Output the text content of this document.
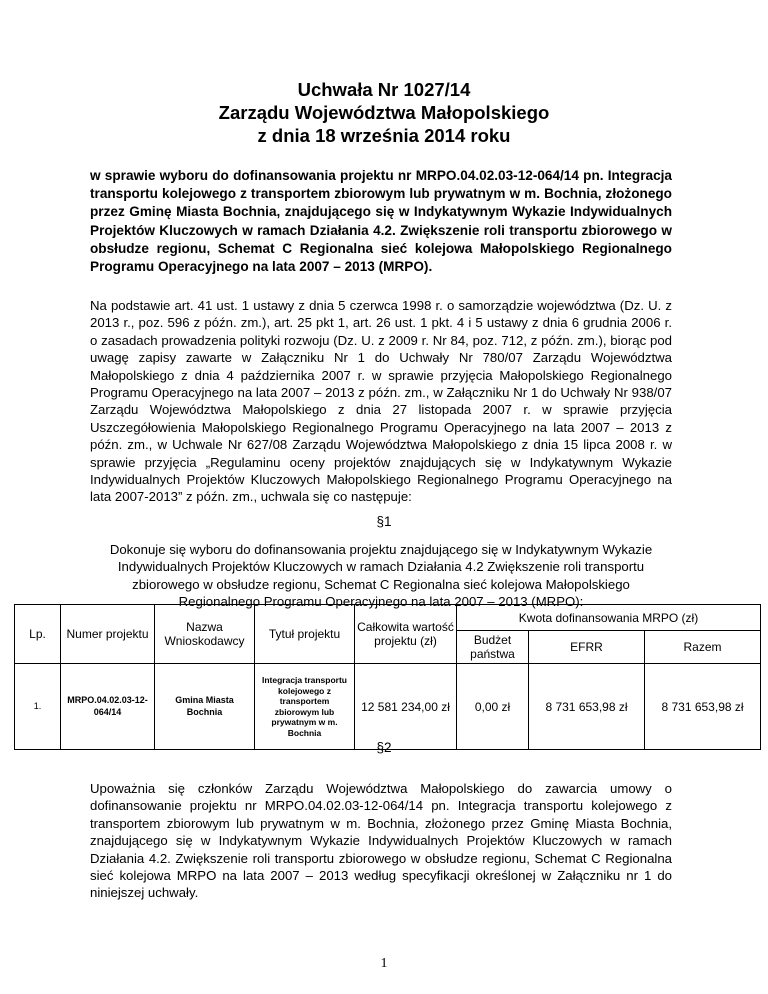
Uchwała Nr 1027/14
Zarządu Województwa Małopolskiego
z dnia 18 września 2014 roku
w sprawie wyboru do dofinansowania projektu nr MRPO.04.02.03-12-064/14 pn. Integracja transportu kolejowego z transportem zbiorowym lub prywatnym w m. Bochnia, złożonego przez Gminę Miasta Bochnia, znajdującego się w Indykatywnym Wykazie Indywidualnych Projektów Kluczowych w ramach Działania 4.2. Zwiększenie roli transportu zbiorowego w obsłudze regionu, Schemat C Regionalna sieć kolejowa Małopolskiego Regionalnego Programu Operacyjnego na lata 2007 – 2013 (MRPO).
Na podstawie art. 41 ust. 1 ustawy z dnia 5 czerwca 1998 r. o samorządzie województwa (Dz. U. z 2013 r., poz. 596 z późn. zm.), art. 25 pkt 1, art. 26 ust. 1 pkt. 4 i 5 ustawy z dnia 6 grudnia 2006 r. o zasadach prowadzenia polityki rozwoju (Dz. U. z 2009 r. Nr 84, poz. 712, z późn. zm.), biorąc pod uwagę zapisy zawarte w Załączniku Nr 1 do Uchwały Nr 780/07 Zarządu Województwa Małopolskiego z dnia 4 października 2007 r. w sprawie przyjęcia Małopolskiego Regionalnego Programu Operacyjnego na lata 2007 – 2013 z późn. zm., w Załączniku Nr 1 do Uchwały Nr 938/07 Zarządu Województwa Małopolskiego z dnia 27 listopada 2007 r. w sprawie przyjęcia Uszczegółowienia Małopolskiego Regionalnego Programu Operacyjnego na lata 2007 – 2013 z późn. zm., w Uchwale Nr 627/08 Zarządu Województwa Małopolskiego z dnia 15 lipca 2008 r. w sprawie przyjęcia „Regulaminu oceny projektów znajdujących się w Indykatywnym Wykazie Indywidualnych Projektów Kluczowych Małopolskiego Regionalnego Programu Operacyjnego na lata 2007-2013” z późn. zm., uchwala się co następuje:
§1
Dokonuje się wyboru do dofinansowania projektu znajdującego się w Indykatywnym Wykazie Indywidualnych Projektów Kluczowych w ramach Działania 4.2 Zwiększenie roli transportu zbiorowego w obsłudze regionu, Schemat C Regionalna sieć kolejowa Małopolskiego Regionalnego Programu Operacyjnego na lata 2007 – 2013 (MRPO):
Lp.	Numer projektu	Nazwa Wnioskodawcy	Tytuł projektu	Całkowita wartość projektu (zł)	Kwota dofinansowania MRPO (zł)		
					Budżet państwa	EFRR	Razem
1.	MRPO.04.02.03-12-064/14	Gmina Miasta Bochnia	Integracja transportu kolejowego z transportem zbiorowym lub prywatnym w m. Bochnia	12 581 234,00 zł	0,00 zł	8 731 653,98 zł	8 731 653,98 zł
§2
Upoważnia się członków Zarządu Województwa Małopolskiego do zawarcia umowy o dofinansowanie projektu nr MRPO.04.02.03-12-064/14 pn. Integracja transportu kolejowego z transportem zbiorowym lub prywatnym w m. Bochnia, złożonego przez Gminę Miasta Bochnia, znajdującego się w Indykatywnym Wykazie Indywidualnych Projektów Kluczowych w ramach Działania 4.2. Zwiększenie roli transportu zbiorowego w obsłudze regionu, Schemat C Regionalna sieć kolejowa MRPO na lata 2007 – 2013 według specyfikacji określonej w Załączniku nr 1 do niniejszej uchwały.
1
